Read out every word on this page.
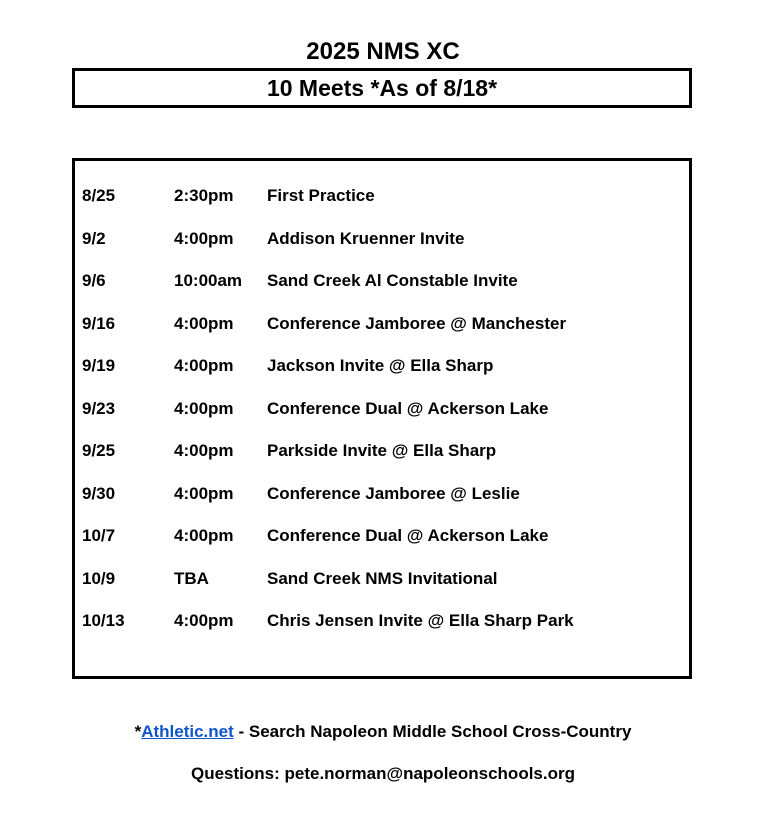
2025 NMS XC
10 Meets *As of 8/18*
8/25	2:30pm First Practice
9/2	4:00pm Addison Kruenner Invite
9/6	10:00am Sand Creek Al Constable Invite
9/16	4:00pm Conference Jamboree @ Manchester
9/19	4:00pm Jackson Invite @ Ella Sharp
9/23	4:00pm Conference Dual @ Ackerson Lake
9/25	4:00pm Parkside Invite @ Ella Sharp
9/30	4:00pm Conference Jamboree @ Leslie
10/7	4:00pm Conference Dual @ Ackerson Lake
10/9	TBA	Sand Creek NMS Invitational
10/13	4:00pm Chris Jensen Invite @ Ella Sharp Park
*Athletic.net - Search Napoleon Middle School Cross-Country
Questions: pete.norman@napoleonschools.org
